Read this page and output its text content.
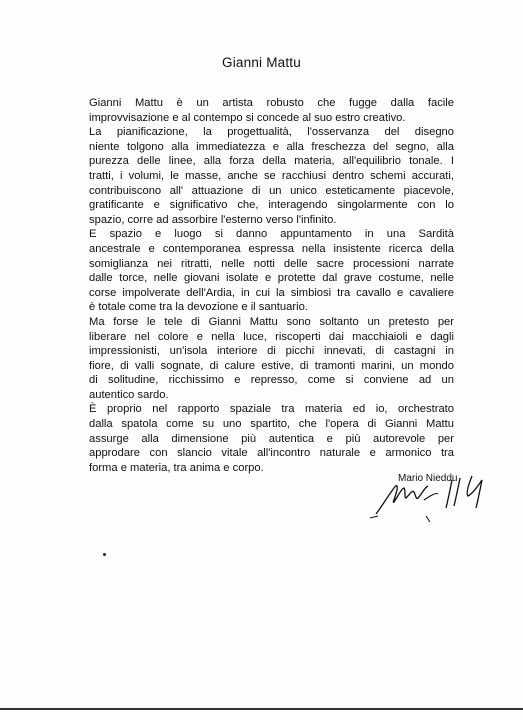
Gianni Mattu
Gianni Mattu è un artista robusto che fugge dalla facile
improvvisazione e al contempo si concede al suo estro creativo.
La pianificazione, la progettualità, l'osservanza del disegno
niente tolgono alla immediatezza e alla freschezza del segno, alla
purezza delle linee, alla forza della materia, all'equilibrio tonale. I
tratti, i volumi, le masse, anche se racchiusi dentro schemi accurati,
contribuiscono all' attuazione di un unico esteticamente piacevole,
gratificante e significativo che, interagendo singolarmente con lo
spazio, corre ad assorbire l'esterno verso l'infinito.
E spazio e luogo si danno appuntamento in una Sardità
ancestrale e contemporanea espressa nella insistente ricerca della
somiglianza nei ritratti, nelle notti delle sacre processioni narrate
dalle torce, nelle giovani isolate e protette dal grave costume, nelle
corse impolverate dell'Ardia, in cui la simbiosi tra cavallo e cavaliere
è totale come tra la devozione e il santuario.
Ma forse le tele di Gianni Mattu sono soltanto un pretesto per
liberare nel colore e nella luce, riscoperti dai macchiaioli e dagli
impressionisti, un'isola interiore di picchi innevati, di castagni in
fiore, di valli sognate, di calure estive, di tramonti marini, un mondo
di solitudine, ricchissimo e represso, come si conviene ad un
autentico sardo.
È proprio nel rapporto spaziale tra materia ed io, orchestrato
dalla spatola come su uno spartito, che l'opera di Gianni Mattu
assurge alla dimensione più autentica e più autorevole per
approdare con slancio vitale all'incontro naturale e armonico tra
forma e materia, tra anima e corpo.
Mario Nieddu
